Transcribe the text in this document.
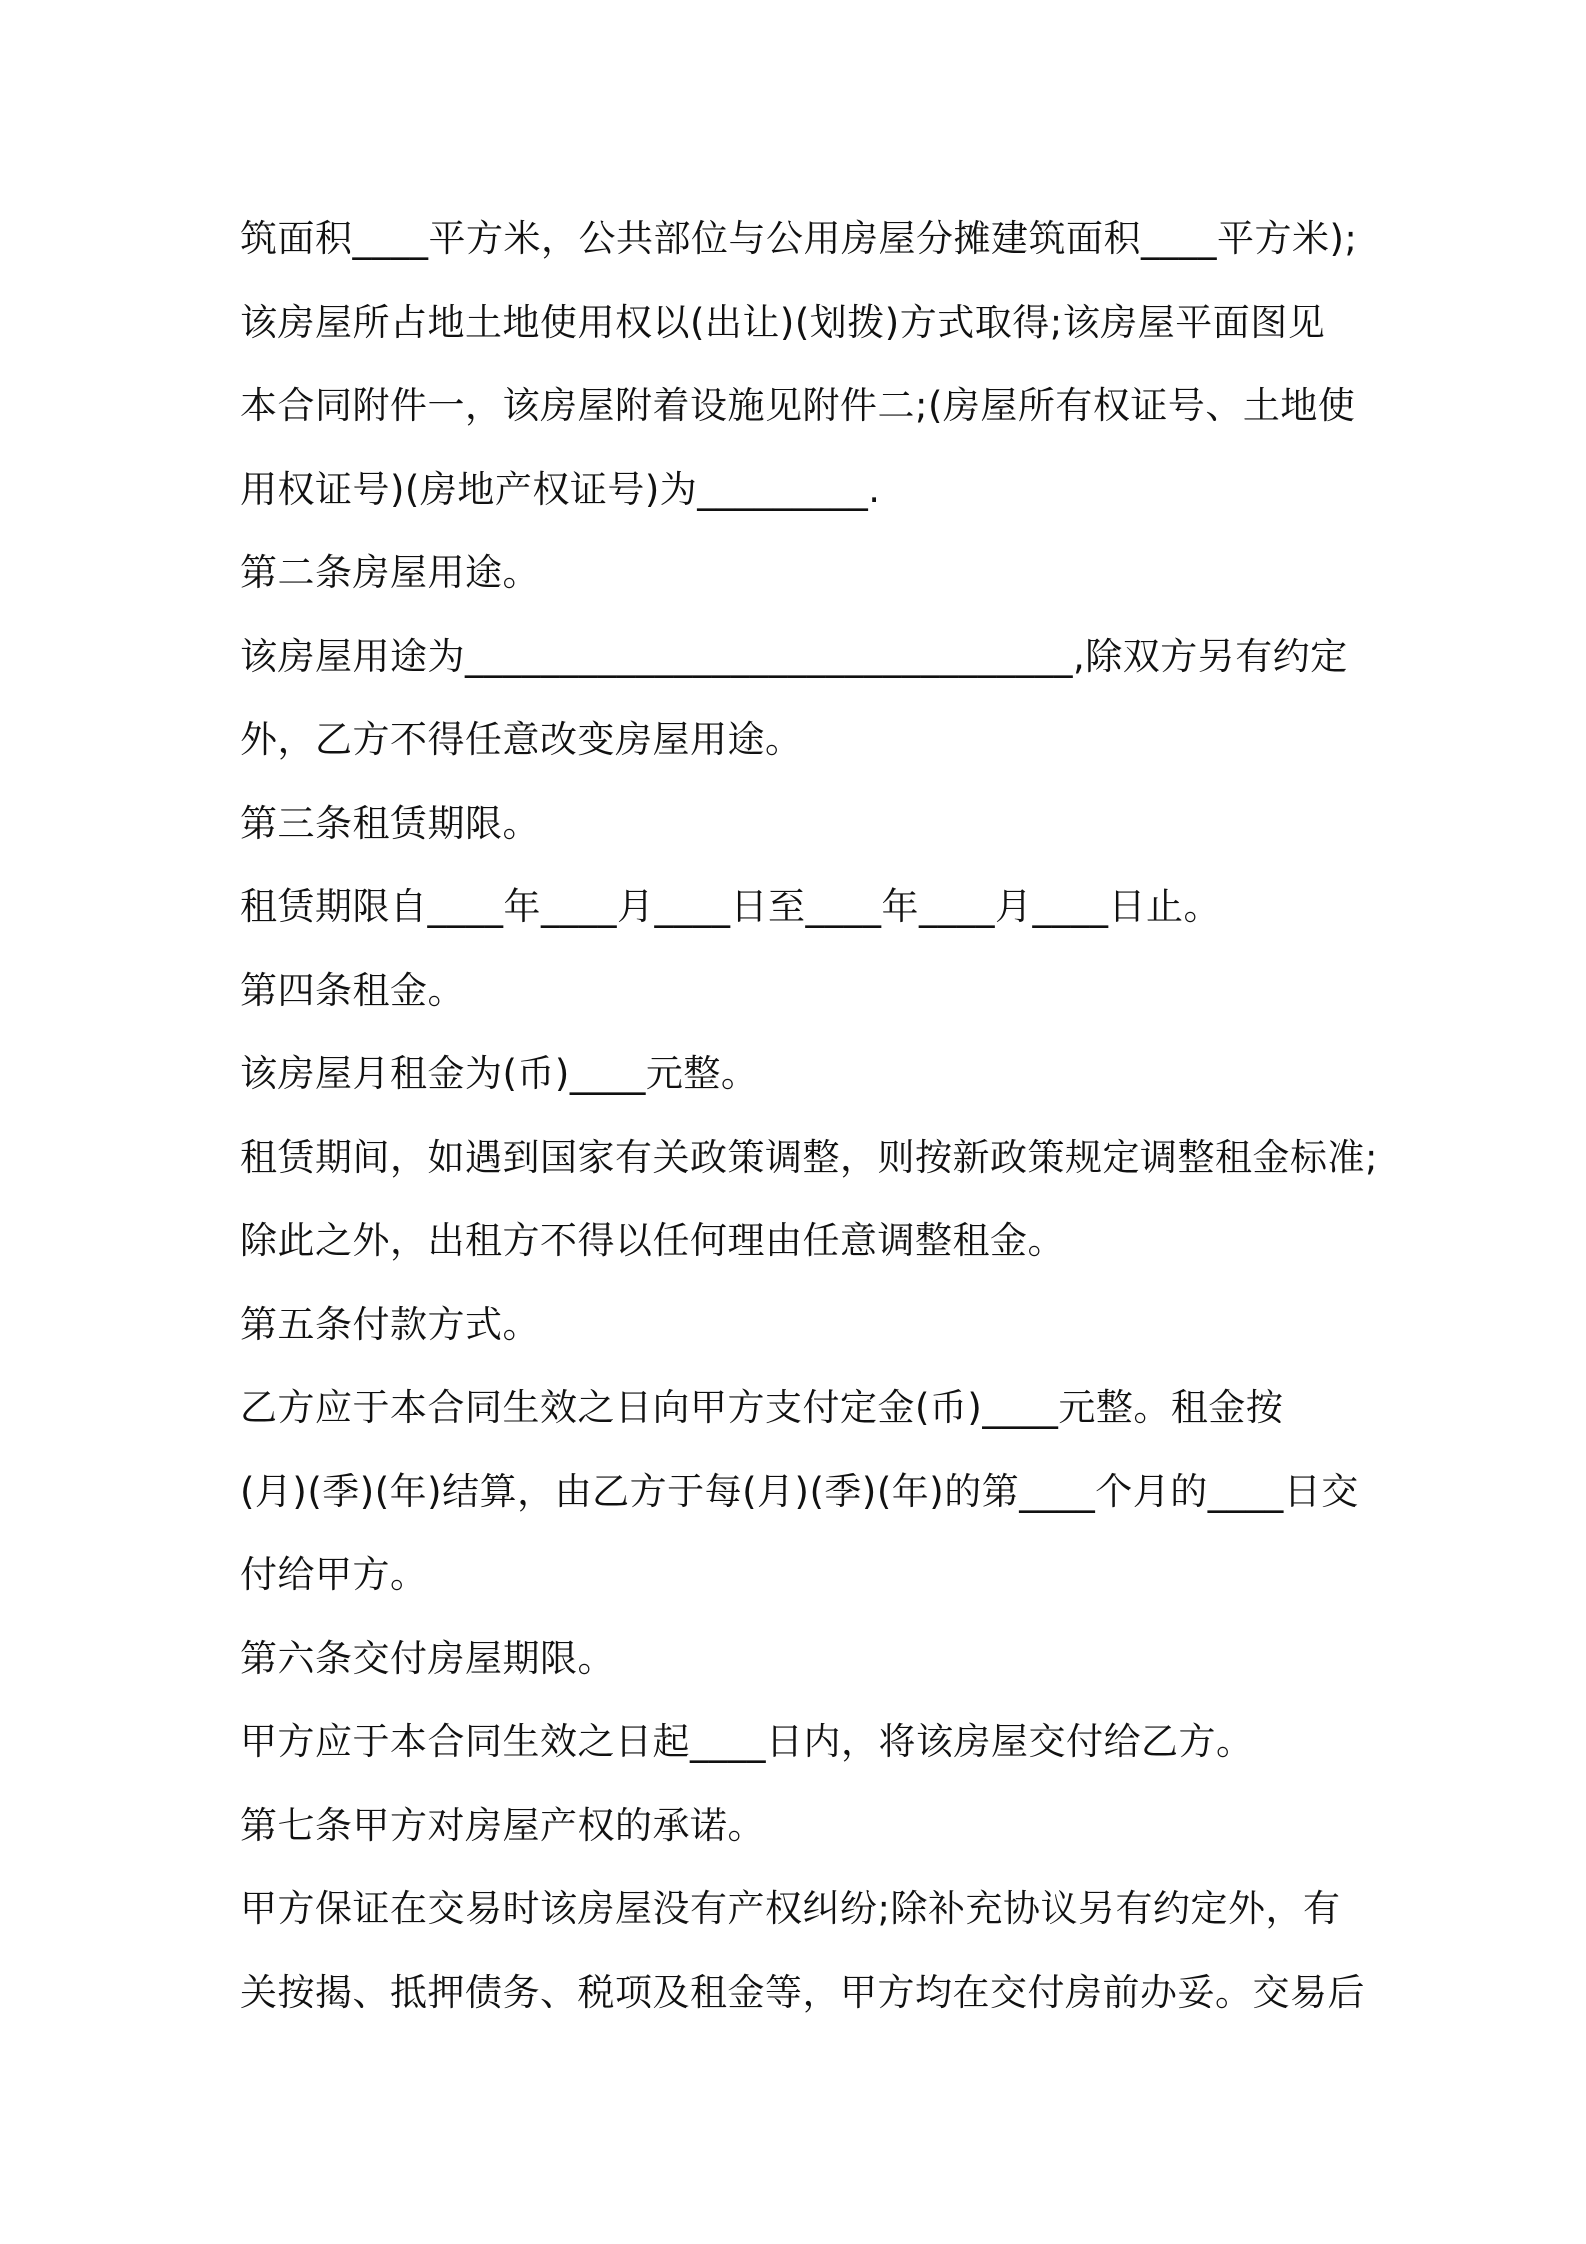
筑面积____平方米，公共部位与公用房屋分摊建筑面积____平方米);
该房屋所占地土地使用权以(出让)(划拨)方式取得;该房屋平面图见
本合同附件一，该房屋附着设施见附件二;(房屋所有权证号、土地使
用权证号)(房地产权证号)为_________.
第二条房屋用途。
该房屋用途为________________________________,除双方另有约定
外，乙方不得任意改变房屋用途。
第三条租赁期限。
租赁期限自____年____月____日至____年____月____日止。
第四条租金。
该房屋月租金为(币)____元整。
租赁期间，如遇到国家有关政策调整，则按新政策规定调整租金标准;
除此之外，出租方不得以任何理由任意调整租金。
第五条付款方式。
乙方应于本合同生效之日向甲方支付定金(币)____元整。租金按
(月)(季)(年)结算，由乙方于每(月)(季)(年)的第____个月的____日交
付给甲方。
第六条交付房屋期限。
甲方应于本合同生效之日起____日内，将该房屋交付给乙方。
第七条甲方对房屋产权的承诺。
甲方保证在交易时该房屋没有产权纠纷;除补充协议另有约定外，有
关按揭、抵押债务、税项及租金等，甲方均在交付房前办妥。交易后
